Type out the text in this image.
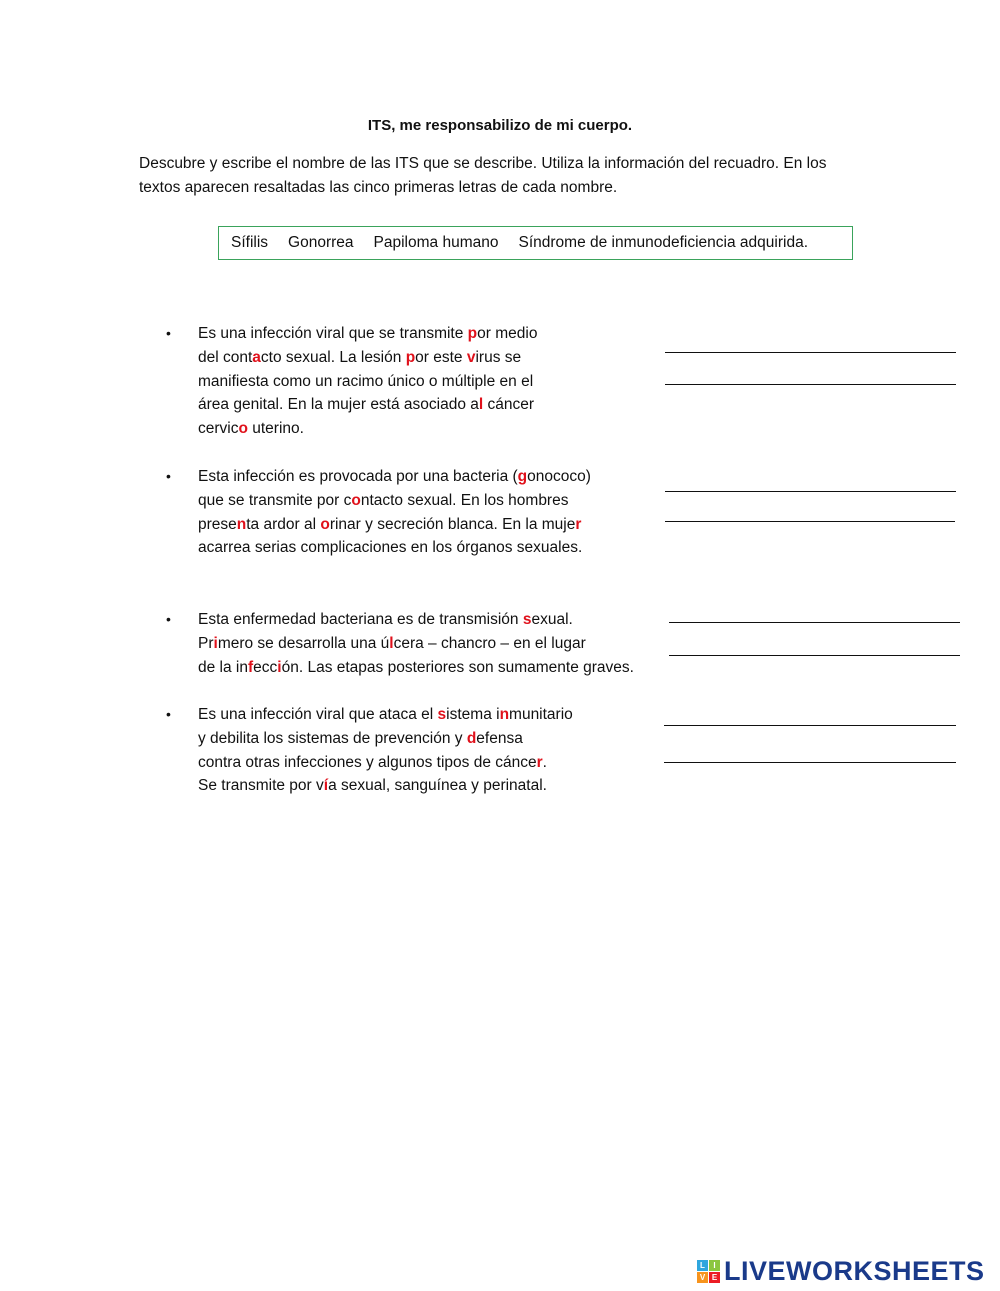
ITS, me responsabilizo de mi cuerpo.
Descubre y escribe el nombre de las ITS que se describe. Utiliza la información del recuadro. En los
textos aparecen resaltadas las cinco primeras letras de cada nombre.
Sífilis Gonorrea Papiloma humano Síndrome de inmunodeficiencia adquirida.
• Es una infección viral que se transmite por medio
del contacto sexual. La lesión por este virus se
manifiesta como un racimo único o múltiple en el
área genital. En la mujer está asociado al cáncer
cervico uterino.
• Esta infección es provocada por una bacteria (gonococo)
que se transmite por contacto sexual. En los hombres
presenta ardor al orinar y secreción blanca. En la mujer
acarrea serias complicaciones en los órganos sexuales.
• Esta enfermedad bacteriana es de transmisión sexual.
Primero se desarrolla una úlcera – chancro – en el lugar
de la infección. Las etapas posteriores son sumamente graves.
• Es una infección viral que ataca el sistema inmunitario
y debilita los sistemas de prevención y defensa
contra otras infecciones y algunos tipos de cáncer.
Se transmite por vía sexual, sanguínea y perinatal.
L	I
V E LIVEWORKSHEETS
